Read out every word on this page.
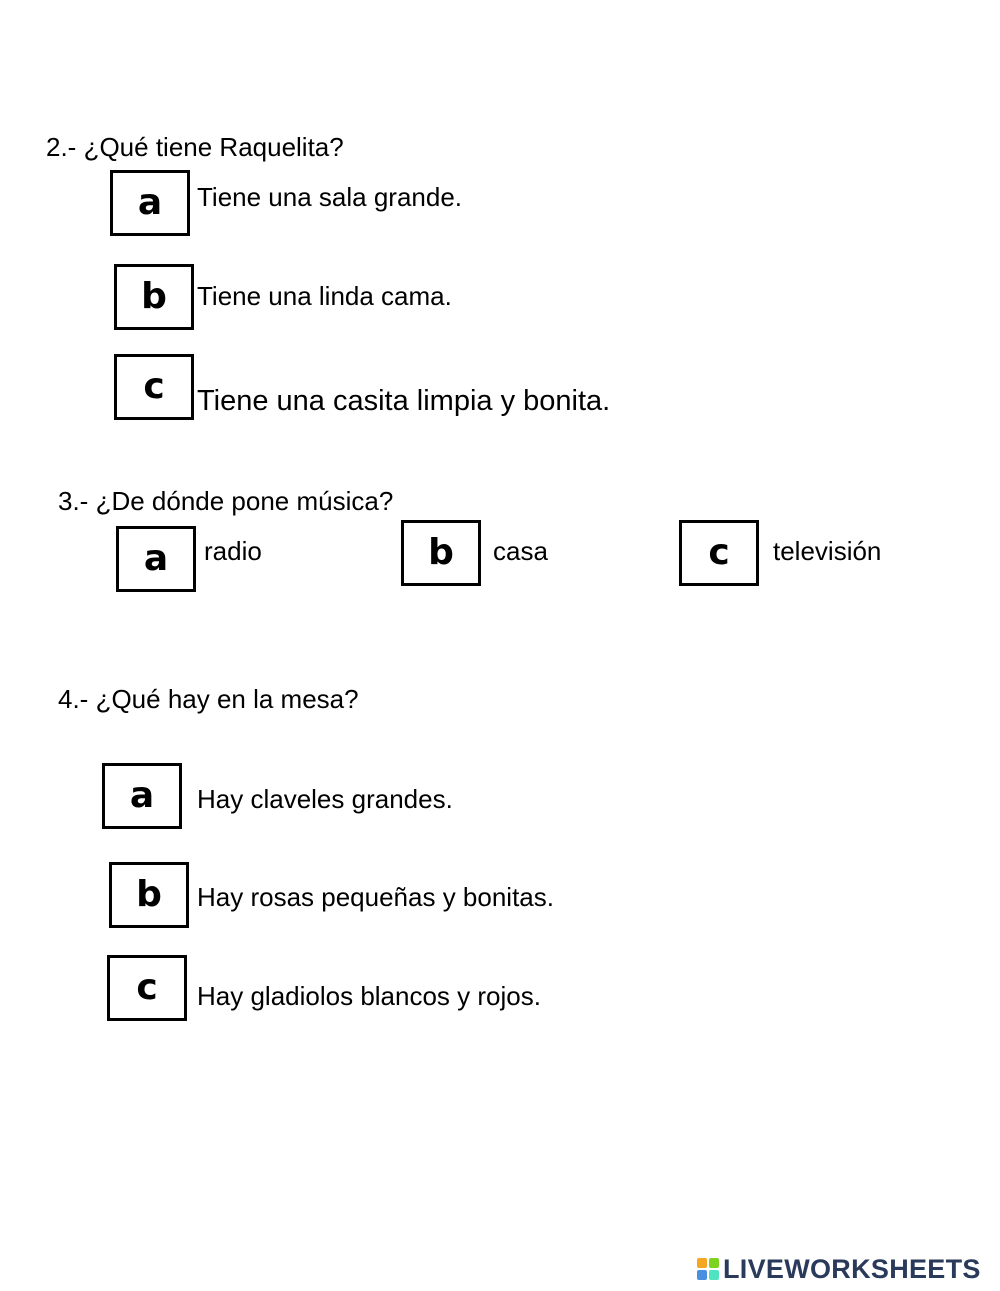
2.- ¿Qué tiene Raquelita?
a	Tiene una sala grande.
b	Tiene una linda cama.
c	Tiene una casita limpia y bonita.
3.- ¿De dónde pone música?
a	radio	b	casa	c	televisión
4.- ¿Qué hay en la mesa?
a	Hay claveles grandes.
b	Hay rosas pequeñas y bonitas.
c	Hay gladiolos blancos y rojos.
LIVEWORKSHEETS
